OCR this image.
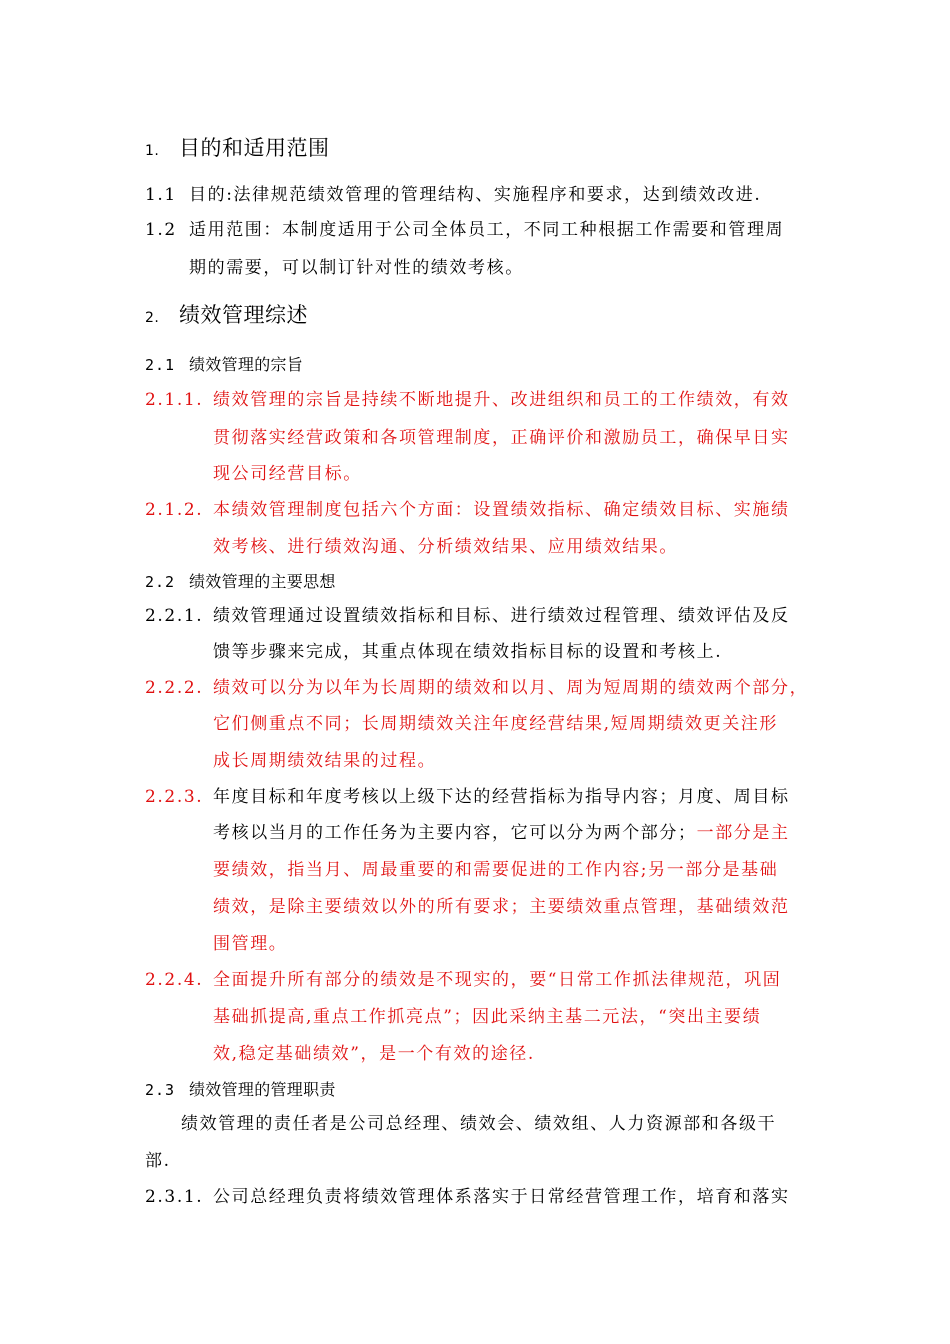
1. 目的和适用范围
1.1 目的:法律规范绩效管理的管理结构、实施程序和要求，达到绩效改进.
1.2 适用范围：本制度适用于公司全体员工，不同工种根据工作需要和管理周
期的需要，可以制订针对性的绩效考核。
2. 绩效管理综述
2.1 绩效管理的宗旨
2.1.1. 绩效管理的宗旨是持续不断地提升、改进组织和员工的工作绩效，有效
贯彻落实经营政策和各项管理制度，正确评价和激励员工，确保早日实
现公司经营目标。
2.1.2. 本绩效管理制度包括六个方面：设置绩效指标、确定绩效目标、实施绩
效考核、进行绩效沟通、分析绩效结果、应用绩效结果。
2.2 绩效管理的主要思想
2.2.1. 绩效管理通过设置绩效指标和目标、进行绩效过程管理、绩效评估及反
馈等步骤来完成，其重点体现在绩效指标目标的设置和考核上.
2.2.2. 绩效可以分为以年为长周期的绩效和以月、周为短周期的绩效两个部分，
它们侧重点不同；长周期绩效关注年度经营结果,短周期绩效更关注形
成长周期绩效结果的过程。
2.2.3. 年度目标和年度考核以上级下达的经营指标为指导内容；月度、周目标
考核以当月的工作任务为主要内容，它可以分为两个部分；一部分是主
要绩效，指当月、周最重要的和需要促进的工作内容;另一部分是基础
绩效，是除主要绩效以外的所有要求；主要绩效重点管理，基础绩效范
围管理。
2.2.4. 全面提升所有部分的绩效是不现实的，要“日常工作抓法律规范，巩固
基础抓提高,重点工作抓亮点”；因此采纳主基二元法，“突出主要绩
效,稳定基础绩效”，是一个有效的途径.
2.3 绩效管理的管理职责
绩效管理的责任者是公司总经理、绩效会、绩效组、人力资源部和各级干
部.
2.3.1. 公司总经理负责将绩效管理体系落实于日常经营管理工作，培育和落实
